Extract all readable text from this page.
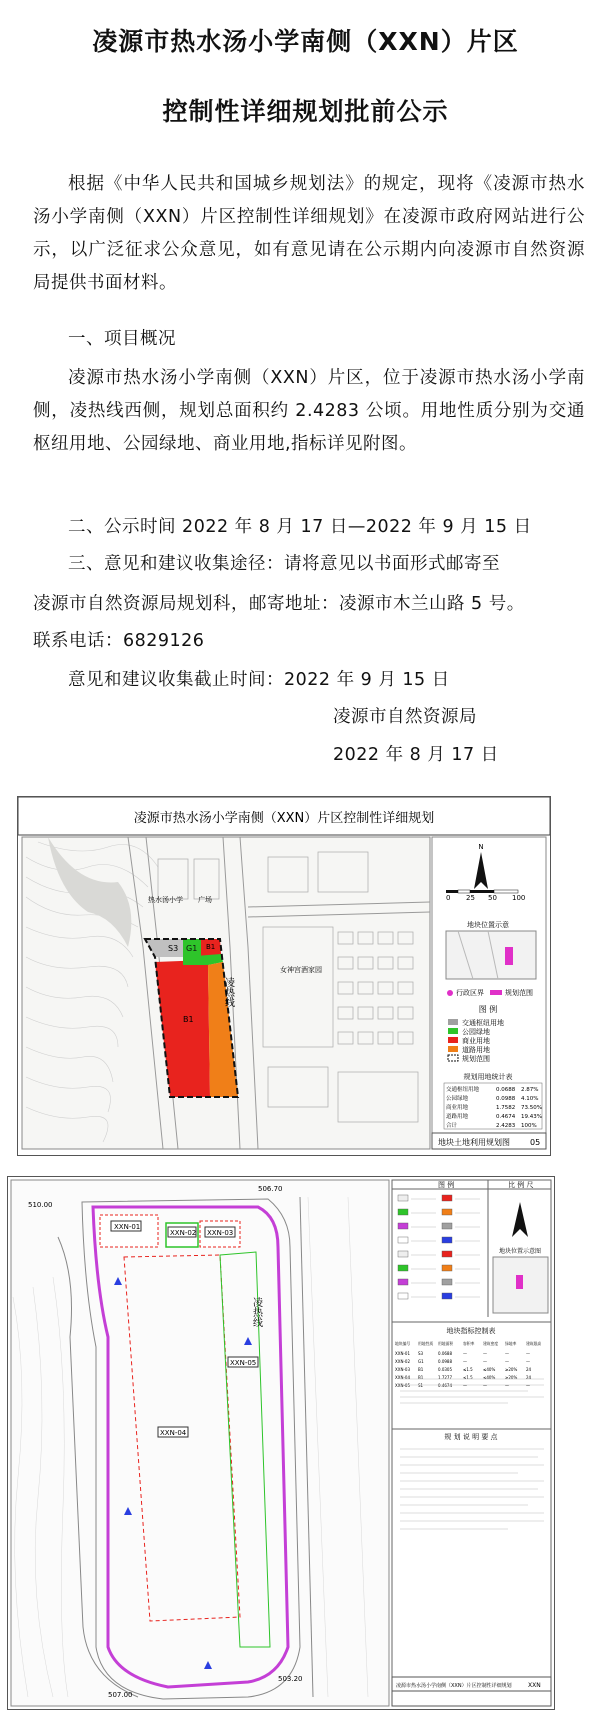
凌源市热水汤小学南侧（XXN）片区
控制性详细规划批前公示
根据《中华人民共和国城乡规划法》的规定，现将《凌源市热水汤小学南侧（XXN）片区控制性详细规划》在凌源市政府网站进行公示，以广泛征求公众意见，如有意见请在公示期内向凌源市自然资源局提供书面材料。
一、项目概况
凌源市热水汤小学南侧（XXN）片区，位于凌源市热水汤小学南侧，凌热线西侧，规划总面积约 2.4283 公顷。用地性质分别为交通枢纽用地、公园绿地、商业用地,指标详见附图。
二、公示时间 2022 年 8 月 17 日—2022 年 9 月 15 日
三、意见和建议收集途径：请将意见以书面形式邮寄至
凌源市自然资源局规划科，邮寄地址：凌源市木兰山路 5 号。
联系电话：6829126
意见和建议收集截止时间：2022 年 9 月 15 日
凌源市自然资源局
2022 年 8 月 17 日
凌源市热水汤小学南侧（XXN）片区控制性详细规划
热水汤小学 广场
S3 G1 B1
B1
凌热线
女神宫酒家园
N
0 25 50 100
地块位置示意
行政区界	规划范围
图 例
交通枢纽用地
公园绿地
商业用地
道路用地
规划范围
规划用地统计表
交通枢纽用地	0.0688 2.87%
公园绿地	0.0988 4.10%
商业用地	1.7582 73.50%
道路用地	0.4674 19.43%
合计	2.4283 100%
地块土地利用规划图	05
XXN-01
XXN-02 XXN-03
XXN-04
XXN-05
凌热线
510.00
506.70
507.00
503.20
图 例	比 例 尺
地块位置示意图
地块指标控制表
地块编号 用地性质 用地面积	容积率 建筑密度 绿地率	建筑限高
XXN-01 S3	0.0688	—	—	—	—
XXN-02 G1	0.0988	—	—	—	—
XXN-03 B1	0.0305	≤1.5	≤40% ≥20% 24
XXN-04 B1	1.7277	≤1.5	≤40% ≥20% 24
XXN-05 S1	0.4674	—	—	—	—
规 划 说 明 要 点
凌源市热水汤小学南侧（XXN）片区控制性详细规划	XXN
